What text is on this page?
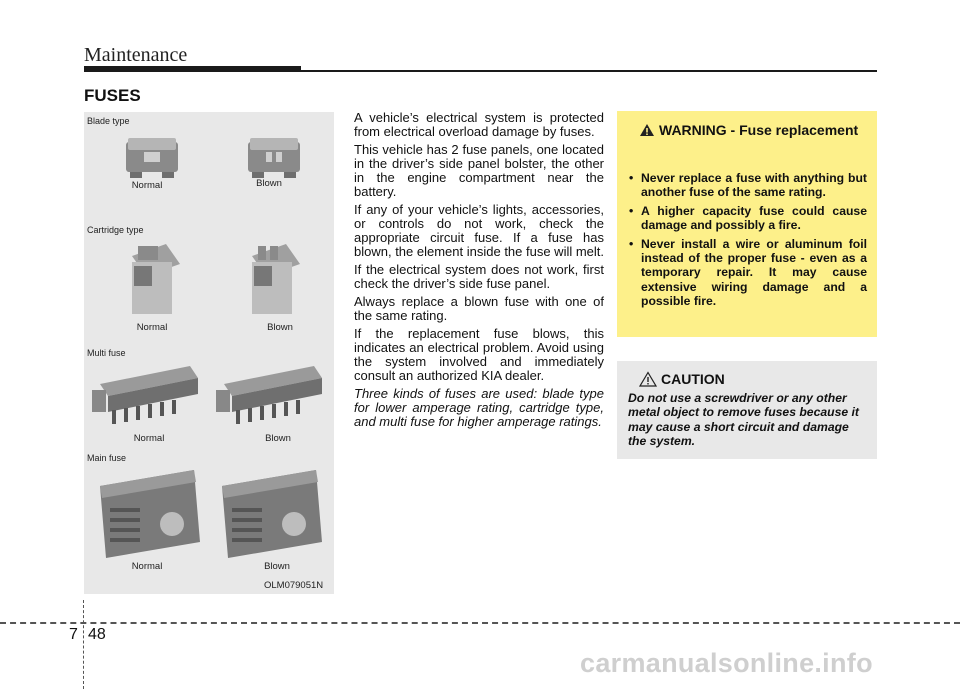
Maintenance
FUSES
Blade type
Normal	Blown
Cartridge type
Normal	Blown
Multi fuse
Normal	Blown
Main fuse
Normal	Blown
OLM079051N

A vehicle’s electrical system is protected from electrical overload damage by fuses.

This vehicle has 2 fuse panels, one located in the driver’s side panel bolster, the other in the engine compartment near the battery.

If any of your vehicle’s lights, accessories, or controls do not work, check the appropriate circuit fuse. If a fuse has blown, the element inside the fuse will melt.

If the electrical system does not work, first check the driver’s side fuse panel.

Always replace a blown fuse with one of the same rating.

If the replacement fuse blows, this indicates an electrical problem. Avoid using the system involved and immediately consult an authorized KIA dealer.

Three kinds of fuses are used: blade type for lower amperage rating, cartridge type, and multi fuse for higher amperage ratings.

WARNING - Fuse replacement
• Never replace a fuse with anything but another fuse of the same rating.
• A higher capacity fuse could cause damage and possibly a fire.
• Never install a wire or aluminum foil instead of the proper fuse - even as a temporary repair. It may cause extensive wiring damage and a possible fire.
CAUTION
Do not use a screwdriver or any other metal object to remove fuses because it may cause a short circuit and damage the system.
7 48
carmanualsonline.info
